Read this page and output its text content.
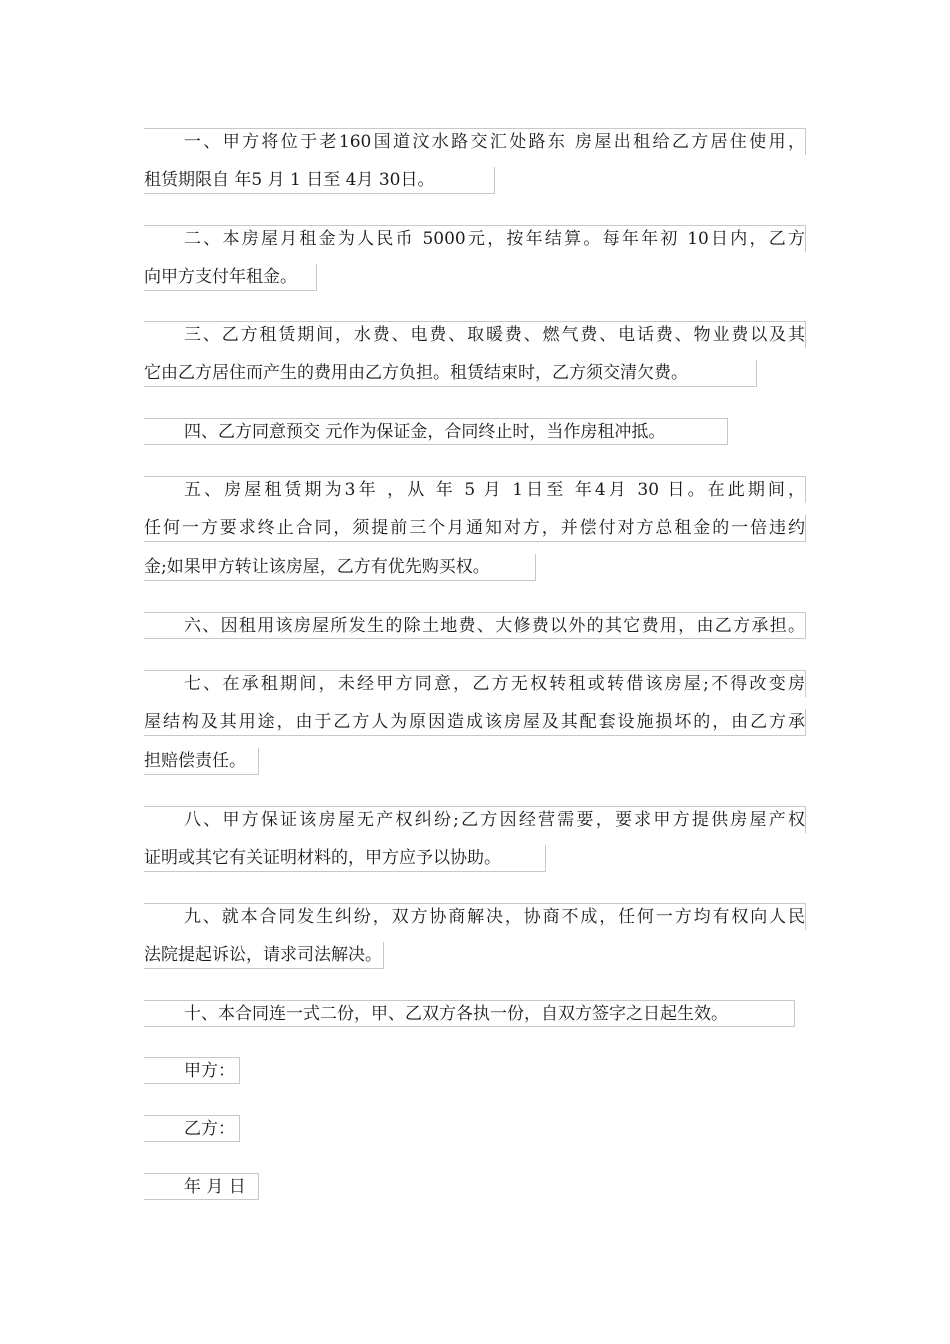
一、甲方将位于老160国道汶水路交汇处路东 房屋出租给乙方居住使用，
租赁期限自 年5 月 1 日至 4月 30日。
二、本房屋月租金为人民币 5000元，按年结算。每年年初 10日内，乙方
向甲方支付年租金。
三、乙方租赁期间，水费、电费、取暖费、燃气费、电话费、物业费以及其
它由乙方居住而产生的费用由乙方负担。租赁结束时，乙方须交清欠费。
四、乙方同意预交 元作为保证金，合同终止时，当作房租冲抵。
五、房屋租赁期为3年 ，从 年 5 月 1日至 年4月 30 日。在此期间，
任何一方要求终止合同，须提前三个月通知对方，并偿付对方总租金的一倍违约
金;如果甲方转让该房屋，乙方有优先购买权。
六、因租用该房屋所发生的除土地费、大修费以外的其它费用，由乙方承担。
七、在承租期间，未经甲方同意，乙方无权转租或转借该房屋;不得改变房
屋结构及其用途，由于乙方人为原因造成该房屋及其配套设施损坏的，由乙方承
担赔偿责任。
八、甲方保证该房屋无产权纠纷;乙方因经营需要，要求甲方提供房屋产权
证明或其它有关证明材料的，甲方应予以协助。
九、就本合同发生纠纷，双方协商解决，协商不成，任何一方均有权向人民
法院提起诉讼，请求司法解决。
十、本合同连一式二份，甲、乙双方各执一份，自双方签字之日起生效。
甲方：
乙方：
年 月 日
